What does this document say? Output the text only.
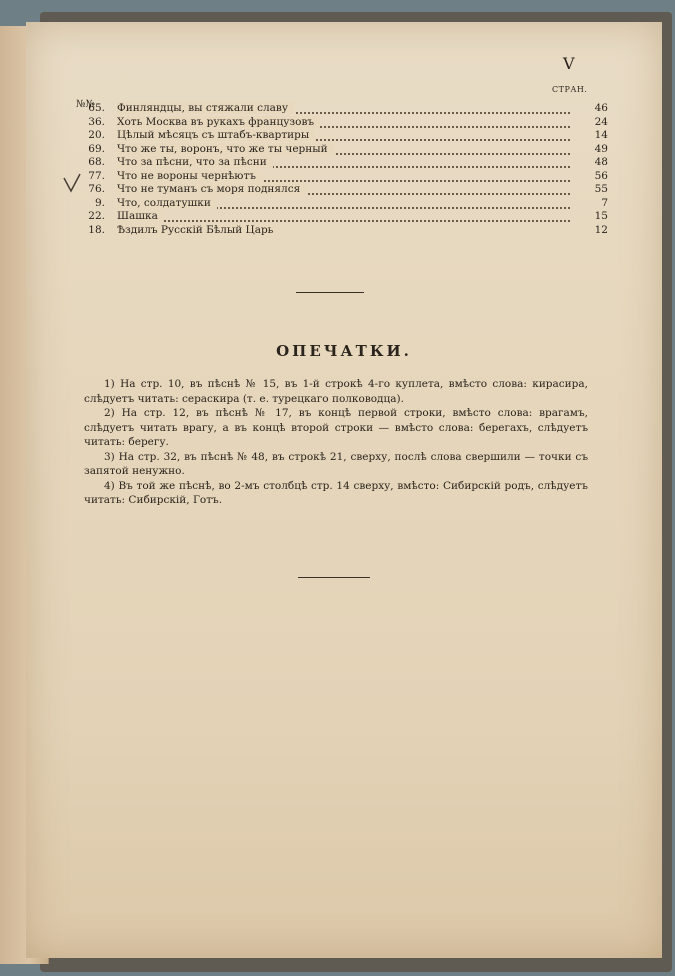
V
СТРАН.
№№
65. Финляндцы, вы стяжали славу	46
36. Хоть Москва въ рукахъ французовъ	24
20. Цѣлый мѣсяцъ съ штабъ-квартиры	14
69. Что же ты, воронъ, что же ты черный	49
68. Что за пѣсни, что за пѣсни	48
77. Что не вороны чернѣютъ	56
76. Что не туманъ съ моря поднялся	55
9. Что, солдатушки	7
22. Шашка	15
18. Ѣздилъ Русскій Бѣлый Царь	12
ОПЕЧАТКИ.

1) На стр. 10, въ пѣснѣ № 15, въ 1-й строкѣ 4-го куплета, вмѣсто слова: кирасира, слѣдуетъ читать: сераскира (т. е. турецкаго полководца).

2) На стр. 12, въ пѣснѣ № 17, въ концѣ первой строки, вмѣсто слова: врагамъ, слѣдуетъ читать врагу, а въ концѣ второй строки — вмѣсто слова: берегахъ, слѣдуетъ читать: берегу.

3) На стр. 32, въ пѣснѣ № 48, въ строкѣ 21, сверху, послѣ слова свершили — точки съ запятой ненужно.

4) Въ той же пѣснѣ, во 2-мъ столбцѣ стр. 14 сверху, вмѣсто: Сибирскій родъ, слѣдуетъ читать: Сибирскій, Готъ.
